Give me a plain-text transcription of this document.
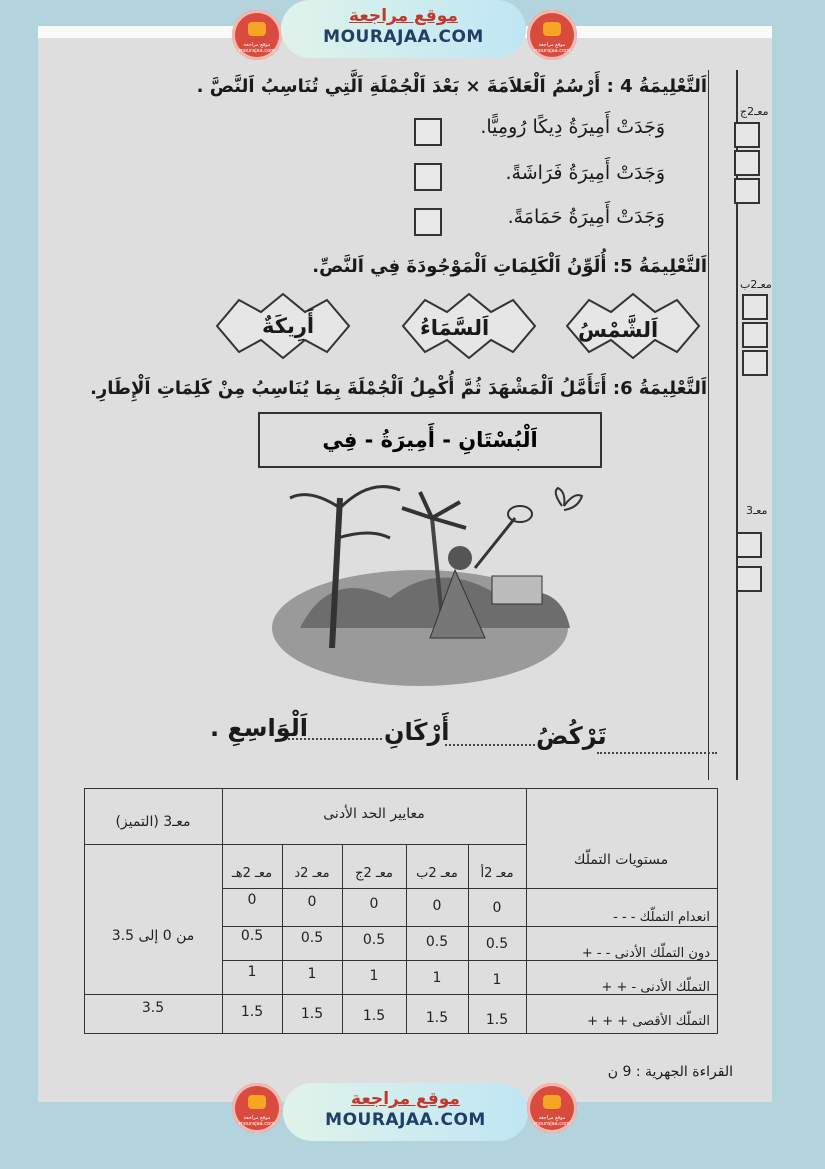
موقع مراجعة mourajaa.com
موقع مراجعة
MOURAJAA.COM	موقع مراجعة mourajaa.com
اَلتَّعْلِيمَةُ 4 : أَرْسُمُ اَلْعَلاَمَةَ × بَعْدَ اَلْجُمْلَةِ اَلَّتِي تُنَاسِبُ اَلنَّصَّ .
وَجَدَتْ أَمِيرَةُ دِيكًا رُومِيًّا.
وَجَدَتْ أَمِيرَةُ فَرَاشَةً.
وَجَدَتْ أَمِيرَةُ حَمَامَةً.
معـ2ج
معـ2ب
معـ3
اَلتَّعْلِيمَةُ 5: أُلَوِّنُ اَلْكَلِمَاتِ اَلْمَوْجُودَةَ فِي اَلنَّصِّ.
اَلشَّمْسُ
اَلسَّمَاءُ
أَرِيكَةٌ
اَلتَّعْلِيمَةُ 6: أَتَأَمَّلُ اَلْمَشْهَدَ ثُمَّ أُكْمِلُ اَلْجُمْلَةَ بِمَا يُنَاسِبُ مِنْ كَلِمَاتِ اَلْإِطَارِ.
اَلْبُسْتَانِ - أَمِيرَةُ - فِي
تَرْكُضُ
أَرْكَانِ
اَلْوَاسِعِ .
معايير الحد الأدنى
معـ3 (التميز)
مستويات التملّك
معـ 2أ
معـ 2ب
معـ 2ج
معـ 2د
معـ 2هـ
انعدام التملّك - - -
دون التملّك الأدنى - - +
التملّك الأدنى - + +
التملّك الأقصى + + +
0
0
0
0
0
0.5
0.5
0.5
0.5
0.5
1
1
1
1
1
1.5
1.5
1.5
1.5
1.5
من 0 إلى 3.5
3.5
القراءة الجهرية : 9 ن
موقع مراجعة mourajaa.com
موقع مراجعة
MOURAJAA.COM	موقع مراجعة mourajaa.com
